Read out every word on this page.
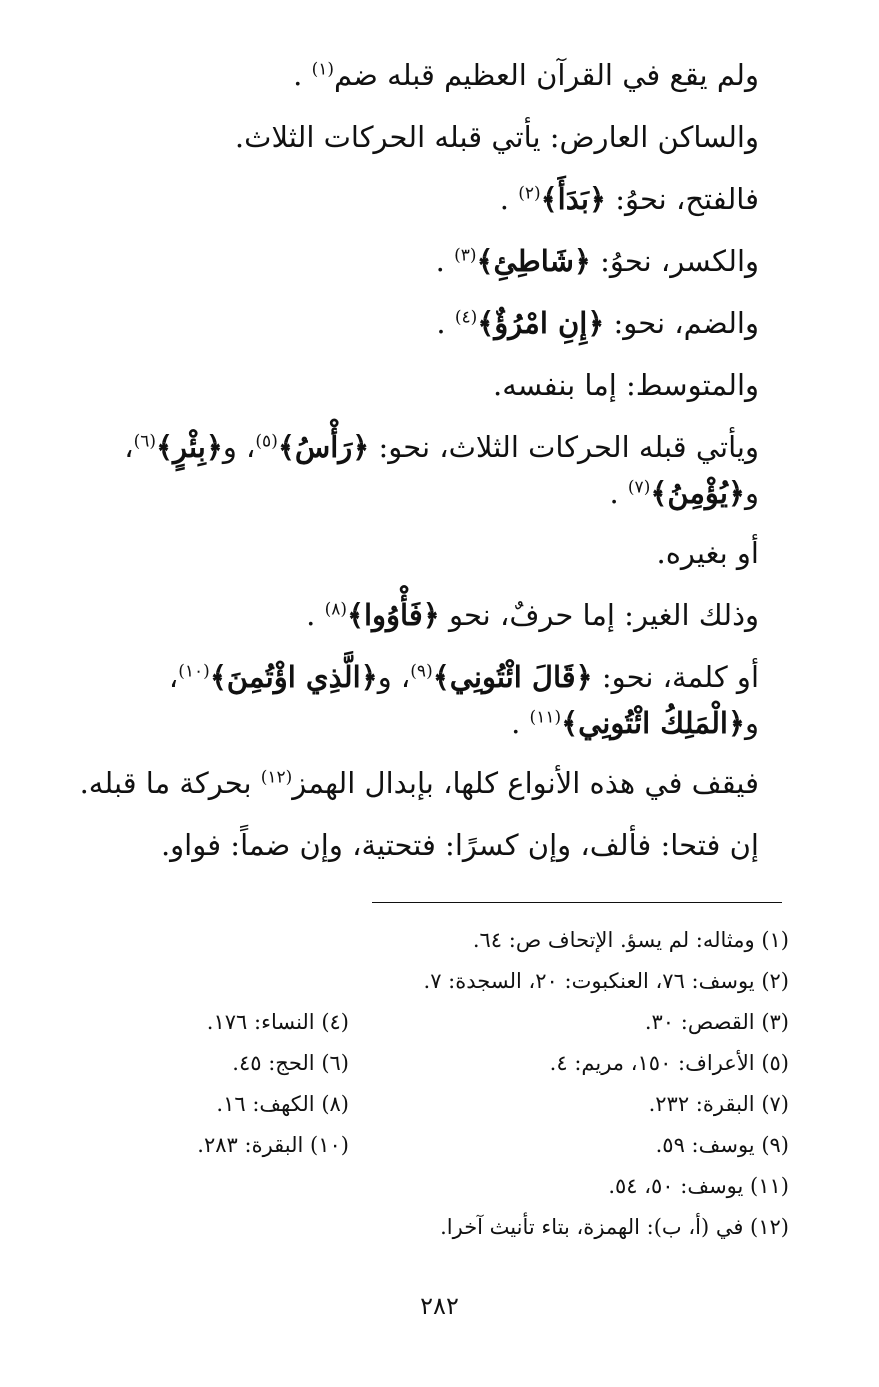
ولم يقع في القرآن العظيم قبله ضم$^{(١)}$ .

والساكن العارض: يأتي قبله الحركات الثلاث.

فالفتح، نحوُ: ﴿بَدَأَ﴾$^{(٢)}$ .

والكسر، نحوُ: ﴿شَاطِئِ﴾$^{(٣)}$ .

والضم، نحو: ﴿إِنِ امْرُؤٌ﴾$^{(٤)}$ .

والمتوسط: إما بنفسه.

ويأتي قبله الحركات الثلاث، نحو: ﴿رَأْسُ﴾$^{(٥)}$، و﴿بِئْرٍ﴾$^{(٦)}$، و﴿يُؤْمِنُ﴾$^{(٧)}$ .

أو بغيره.

وذلك الغير: إما حرفٌ، نحو ﴿فَأْوُوا﴾$^{(٨)}$ .

أو كلمة، نحو: ﴿قَالَ ائْتُونِي﴾$^{(٩)}$، و﴿الَّذِي اؤْتُمِنَ﴾$^{(١٠)}$، و﴿الْمَلِكُ ائْتُونِي﴾$^{(١١)}$ .

فيقف في هذه الأنواع كلها، بإبدال الهمز$^{(١٢)}$ بحركة ما قبله.

إن فتحا: فألف، وإن كسرًا: فتحتية، وإن ضماً: فواو.

(١) ومثاله: لم يسؤ. الإتحاف ص: ٦٤.
(٢) يوسف: ٧٦، العنكبوت: ٢٠، السجدة: ٧.
(٣) القصص: ٣٠.
(٤) النساء: ١٧٦.
(٥) الأعراف: ١٥٠، مريم: ٤.
(٦) الحج: ٤٥.
(٧) البقرة: ٢٣٢.
(٨) الكهف: ١٦.
(٩) يوسف: ٥٩.
(١٠) البقرة: ٢٨٣.
(١١) يوسف: ٥٠، ٥٤.
(١٢) في (أ، ب): الهمزة، بتاء تأنيث آخرا.
٢٨٢
